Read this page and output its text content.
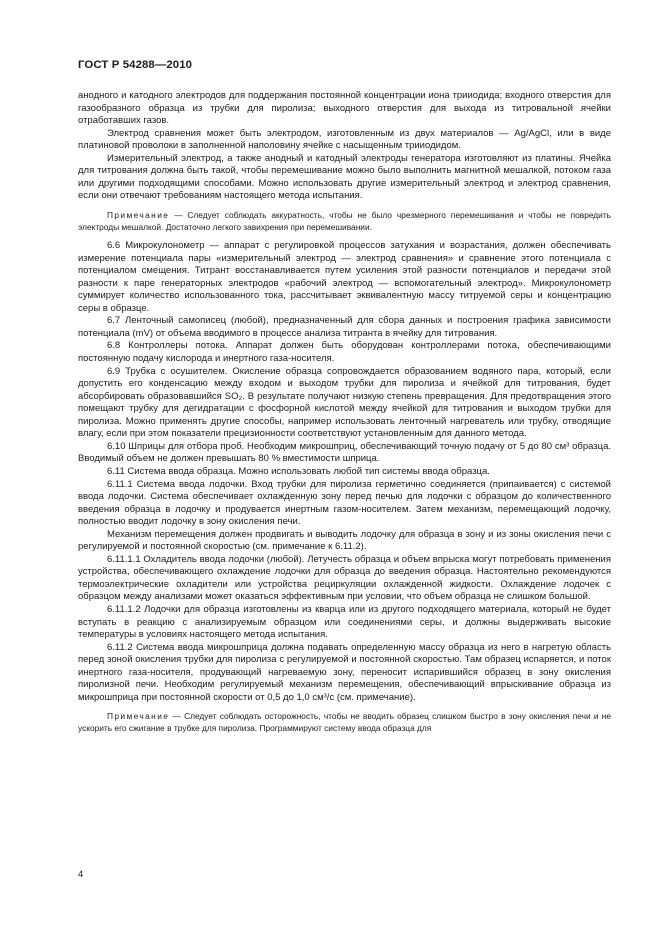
ГОСТ Р 54288—2010

анодного и катодного электродов для поддержания постоянной концентрации иона трииодида; входного отверстия для газообразного образца из трубки для пиролиза; выходного отверстия для выхода из титровальной ячейки отработавших газов.

Электрод сравнения может быть электродом, изготовленным из двух материалов — Ag/AgCl, или в виде платиновой проволоки в заполненной наполовину ячейке с насыщенным трииодидом.

Измерительный электрод, а также анодный и катодный электроды генератора изготовляют из платины. Ячейка для титрования должна быть такой, чтобы перемешивание можно было выполнить магнитной мешалкой, потоком газа или другими подходящими способами. Можно использовать другие измерительный электрод и электрод сравнения, если они отвечают требованиям настоящего метода испытания.

Примечание — Следует соблюдать аккуратность, чтобы не было чрезмерного перемешивания и чтобы не повредить электроды мешалкой. Достаточно легкого завихрения при перемешивании.

6.6 Микрокулонометр — аппарат с регулировкой процессов затухания и возрастания, должен обеспечивать измерение потенциала пары «измерительный электрод — электрод сравнения» и сравнение этого потенциала с потенциалом смещения. Титрант восстанавливается путем усиления этой разности потенциалов и передачи этой разности к паре генераторных электродов «рабочий электрод — вспомогательный электрод». Микрокулонометр суммирует количество использованного тока, рассчитывает эквивалентную массу титруемой серы и концентрацию серы в образце.

6.7 Ленточный самописец (любой), предназначенный для сбора данных и построения графика зависимости потенциала (mV) от объема вводимого в процессе анализа титранта в ячейку для титрования.

6.8 Контроллеры потока. Аппарат должен быть оборудован контроллерами потока, обеспечивающими постоянную подачу кислорода и инертного газа-носителя.

6.9 Трубка с осушителем. Окисление образца сопровождается образованием водяного пара, который, если допустить его конденсацию между входом и выходом трубки для пиролиза и ячейкой для титрования, будет абсорбировать образовавшийся SO₂. В результате получают низкую степень превращения. Для предотвращения этого помещают трубку для дегидратации с фосфорной кислотой между ячейкой для титрования и выходом трубки для пиролиза. Можно применять другие способы, например использовать ленточный нагреватель или трубку, отводящие влагу, если при этом показатели прецизионности соответствуют установленным для данного метода.

6.10 Шприцы для отбора проб. Необходим микрошприц, обеспечивающий точную подачу от 5 до 80 см³ образца. Вводимый объем не должен превышать 80 % вместимости шприца.

6.11 Система ввода образца. Можно использовать любой тип системы ввода образца.

6.11.1 Система ввода лодочки. Вход трубки для пиролиза герметично соединяется (припаивается) с системой ввода лодочки. Система обеспечивает охлажденную зону перед печью для лодочки с образцом до количественного введения образца в лодочку и продувается инертным газом-носителем. Затем механизм, перемещающий лодочку, полностью вводит лодочку в зону окисления печи.

Механизм перемещения должен продвигать и выводить лодочку для образца в зону и из зоны окисления печи с регулируемой и постоянной скоростью (см. примечание к 6.11.2).

6.11.1.1 Охладитель ввода лодочки (любой). Летучесть образца и объем впрыска могут потребовать применения устройства, обеспечивающего охлаждение лодочки для образца до введения образца. Настоятельно рекомендуются термоэлектрические охладители или устройства рециркуляции охлажденной жидкости. Охлаждение лодочек с образцом между анализами может оказаться эффективным при условии, что объем образца не слишком большой.

6.11.1.2 Лодочки для образца изготовлены из кварца или из другого подходящего материала, который не будет вступать в реакцию с анализируемым образцом или соединениями серы, и должны выдерживать высокие температуры в условиях настоящего метода испытания.

6.11.2 Система ввода микрошприца должна подавать определенную массу образца из него в нагретую область перед зоной окисления трубки для пиролиза с регулируемой и постоянной скоростью. Там образец испаряется, и поток инертного газа-носителя, продувающий нагреваемую зону, переносит испарившийся образец в зону окисления пиролизной печи. Необходим регулируемый механизм перемещения, обеспечивающий впрыскивание образца из микрошприца при постоянной скорости от 0,5 до 1,0 см³/с (см. примечание).

Примечание — Следует соблюдать осторожность, чтобы не вводить образец слишком быстро в зону окисления печи и не ускорить его сжигание в трубке для пиролиза. Программируют систему ввода образца для

4
